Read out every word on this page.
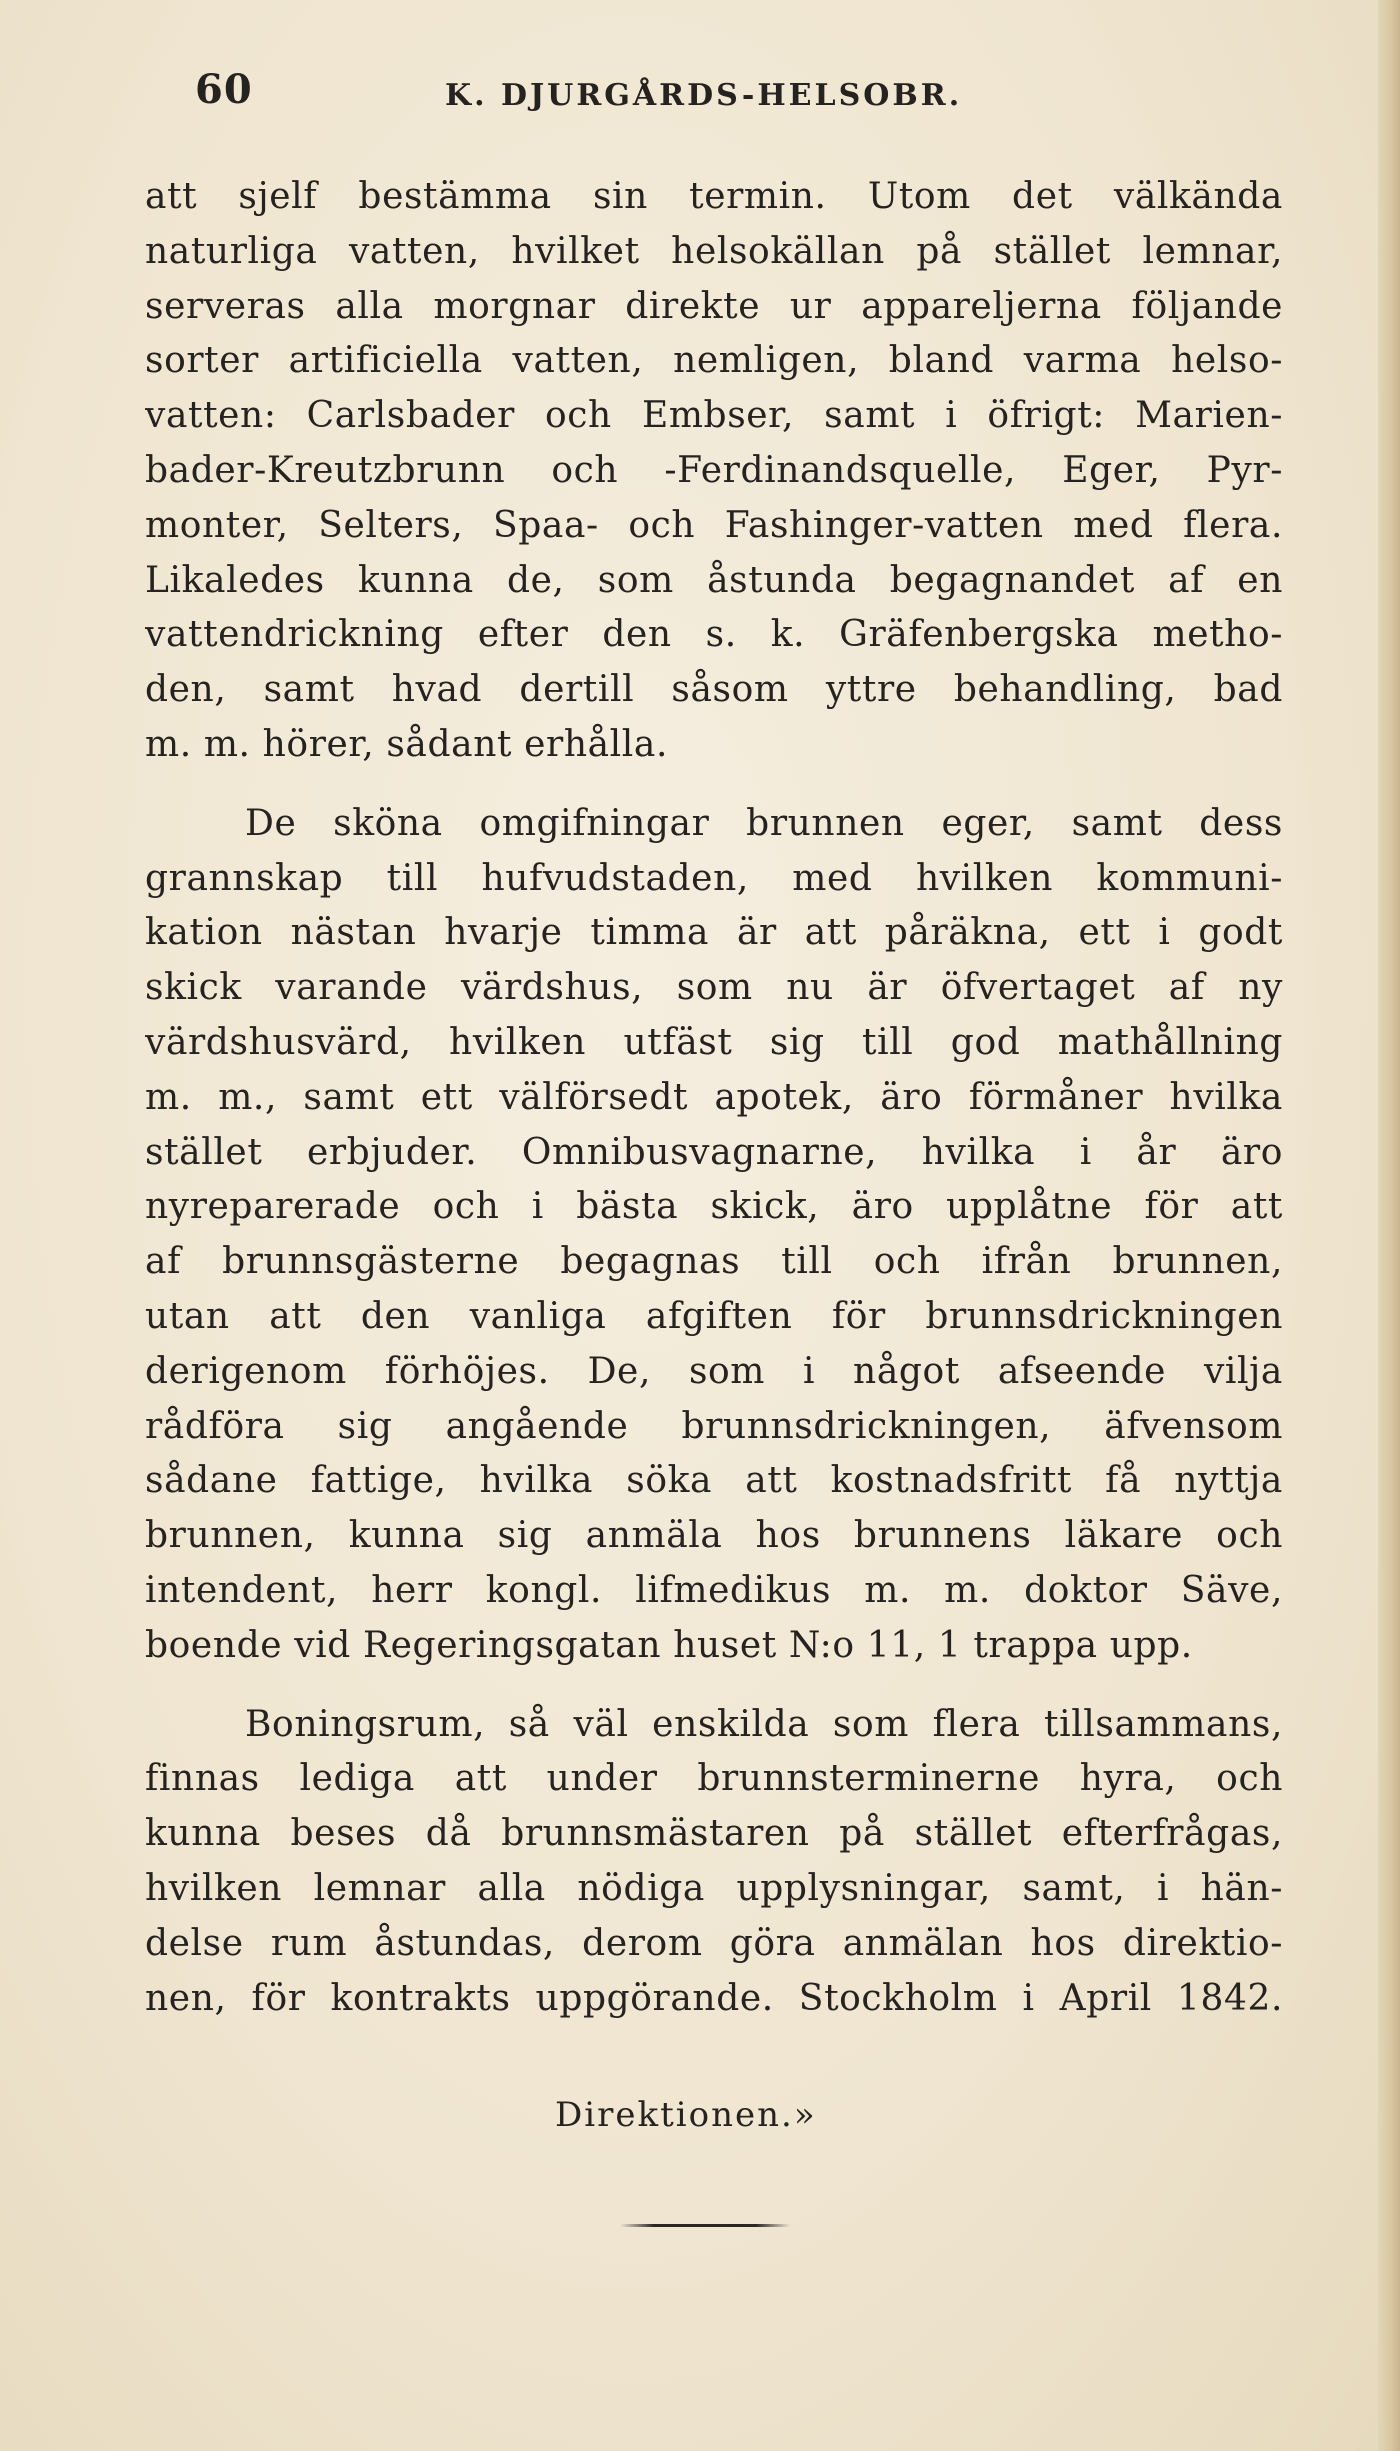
60	K. DJURGÅRDS-HELSOBR.
att sjelf bestämma sin termin. Utom det välkända
naturliga vatten, hvilket helsokällan på stället lemnar,
serveras alla morgnar direkte ur appareljerna följande
sorter artificiella vatten, nemligen, bland varma helso-
vatten: Carlsbader och Embser, samt i öfrigt: Marien-
bader-Kreutzbrunn och -Ferdinandsquelle, Eger, Pyr-
monter, Selters, Spaa- och Fashinger-vatten med flera.
Likaledes kunna de, som åstunda begagnandet af en
vattendrickning efter den s. k. Gräfenbergska metho-
den, samt hvad dertill såsom yttre behandling, bad
m. m. hörer, sådant erhålla.
De sköna omgifningar brunnen eger, samt dess
grannskap till hufvudstaden, med hvilken kommuni-
kation nästan hvarje timma är att påräkna, ett i godt
skick varande värdshus, som nu är öfvertaget af ny
värdshusvärd, hvilken utfäst sig till god mathållning
m. m., samt ett välförsedt apotek, äro förmåner hvilka
stället erbjuder. Omnibusvagnarne, hvilka i år äro
nyreparerade och i bästa skick, äro upplåtne för att
af brunnsgästerne begagnas till och ifrån brunnen,
utan att den vanliga afgiften för brunnsdrickningen
derigenom förhöjes. De, som i något afseende vilja
rådföra sig angående brunnsdrickningen, äfvensom
sådane fattige, hvilka söka att kostnadsfritt få nyttja
brunnen, kunna sig anmäla hos brunnens läkare och
intendent, herr kongl. lifmedikus m. m. doktor Säve,
boende vid Regeringsgatan huset N:o 11, 1 trappa upp.
Boningsrum, så väl enskilda som flera tillsammans,
finnas lediga att under brunnsterminerne hyra, och
kunna beses då brunnsmästaren på stället efterfrågas,
hvilken lemnar alla nödiga upplysningar, samt, i hän-
delse rum åstundas, derom göra anmälan hos direktio-
nen, för kontrakts uppgörande. Stockholm i April 1842.
Direktionen.»
